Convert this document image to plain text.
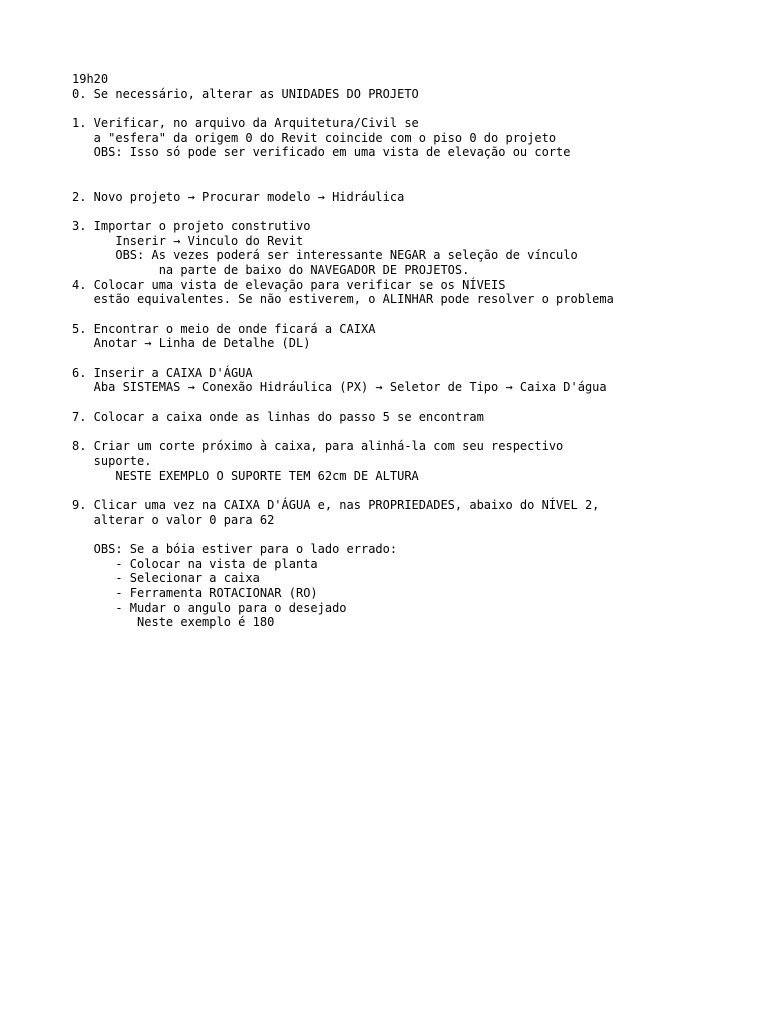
19h20
0. Se necessário, alterar as UNIDADES DO PROJETO
1. Verificar, no arquivo da Arquitetura/Civil se
a "esfera" da origem 0 do Revit coincide com o piso 0 do projeto
OBS: Isso só pode ser verificado em uma vista de elevação ou corte
2. Novo projeto → Procurar modelo → Hidráulica
3. Importar o projeto construtivo
Inserir → Vinculo do Revit
OBS: As vezes poderá ser interessante NEGAR a seleção de vínculo
na parte de baixo do NAVEGADOR DE PROJETOS.
4. Colocar uma vista de elevação para verificar se os NÍVEIS
estão equivalentes. Se não estiverem, o ALINHAR pode resolver o problema
5. Encontrar o meio de onde ficará a CAIXA
Anotar → Linha de Detalhe (DL)
6. Inserir a CAIXA D'ÁGUA
Aba SISTEMAS → Conexão Hidráulica (PX) → Seletor de Tipo → Caixa D'água
7. Colocar a caixa onde as linhas do passo 5 se encontram
8. Criar um corte próximo à caixa, para alinhá-la com seu respectivo
suporte.
NESTE EXEMPLO O SUPORTE TEM 62cm DE ALTURA
9. Clicar uma vez na CAIXA D'ÁGUA e, nas PROPRIEDADES, abaixo do NÍVEL 2,
alterar o valor 0 para 62
OBS: Se a bóia estiver para o lado errado:
- Colocar na vista de planta
- Selecionar a caixa
- Ferramenta ROTACIONAR (RO)
- Mudar o angulo para o desejado
Neste exemplo é 180
